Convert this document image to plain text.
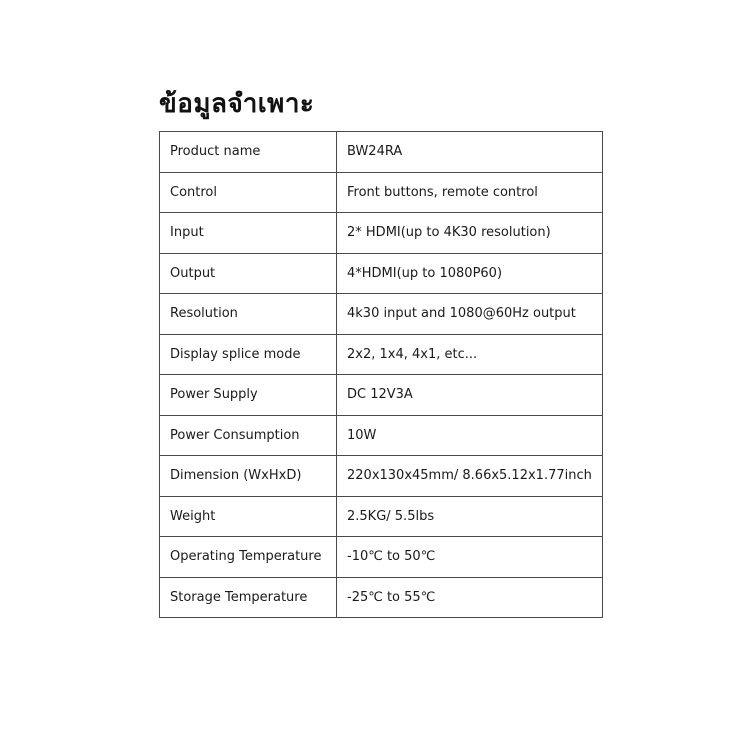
ข้อมูลจำเพาะ
Product name	BW24RA
Control	Front buttons, remote control
Input	2* HDMI(up to 4K30 resolution)
Output	4*HDMI(up to 1080P60)
Resolution	4k30 input and 1080@60Hz output
Display splice mode	2x2, 1x4, 4x1, etc...
Power Supply	DC 12V3A
Power Consumption	10W
Dimension (WxHxD)	220x130x45mm/ 8.66x5.12x1.77inch
Weight	2.5KG/ 5.5lbs
Operating Temperature	-10℃ to 50℃
Storage Temperature	-25℃ to 55℃
